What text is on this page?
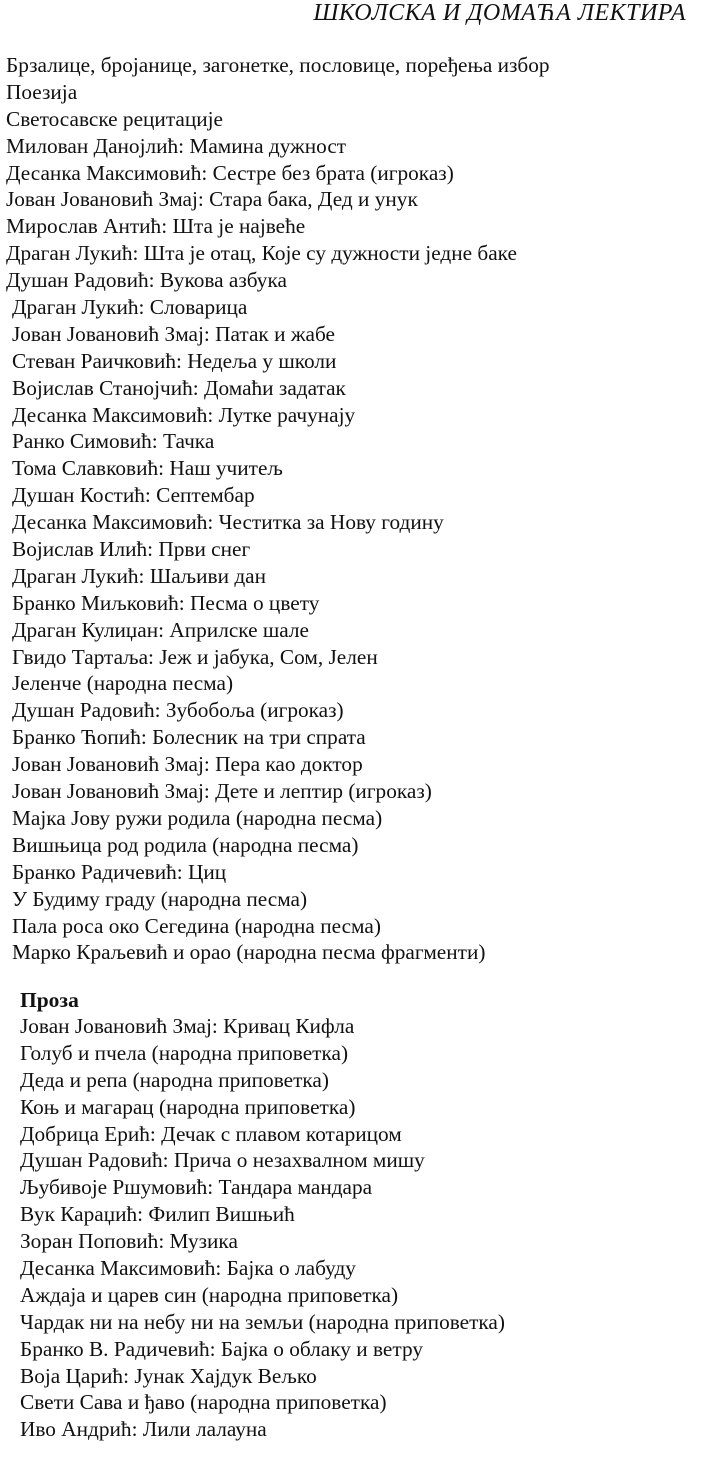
ШКОЛСКА И ДОМАЋА ЛЕКТИРА
Брзалице, бројанице, загонетке, пословице, поређења избор
Поезија
Светосавске рецитације
Милован Данојлић: Мамина дужност
Десанка Максимовић: Сестре без брата (игроказ)
Јован Јовановић Змај: Стара бака, Дед и унук
Мирослав Антић: Шта је највеће
Драган Лукић: Шта је отац, Које су дужности једне баке
Душан Радовић: Вукова азбука
Драган Лукић: Словарица
Јован Јовановић Змај: Патак и жабе
Стеван Раичковић: Недеља у школи
Војислав Станојчић: Домаћи задатак
Десанка Максимовић: Лутке рачунају
Ранко Симовић: Тачка
Тома Славковић: Наш учитељ
Душан Костић: Септембар
Десанка Максимовић: Честитка за Нову годину
Војислав Илић: Први снег
Драган Лукић: Шаљиви дан
Бранко Миљковић: Песма о цвету
Драган Кулиџан: Априлске шале
Гвидо Тартаља: Јеж и јабука, Сом, Јелен
Јеленче (народна песма)
Душан Радовић: Зубобоља (игроказ)
Бранко Ћопић: Болесник на три спрата
Јован Јовановић Змај: Пера као доктор
Јован Јовановић Змај: Дете и лептир (игроказ)
Мајка Јову ружи родила (народна песма)
Вишњица род родила (народна песма)
Бранко Радичевић: Циц
У Будиму граду (народна песма)
Пала роса око Сегедина (народна песма)
Марко Краљевић и орао (народна песма фрагменти)
Проза
Јован Јовановић Змај: Кривац Кифла
Голуб и пчела (народна приповетка)
Деда и репа (народна приповетка)
Коњ и магарац (народна приповетка)
Добрица Ерић: Дечак с плавом котарицом
Душан Радовић: Прича о незахвалном мишу
Љубивоје Ршумовић: Тандара мандара
Вук Караџић: Филип Вишњић
Зоран Поповић: Музика
Десанка Максимовић: Бајка о лабуду
Аждаја и царев син (народна приповетка)
Чардак ни на небу ни на земљи (народна приповетка)
Бранко В. Радичевић: Бајка о облаку и ветру
Воја Царић: Јунак Хајдук Вељко
Свети Сава и ђаво (народна приповетка)
Иво Андрић: Лили лалауна
